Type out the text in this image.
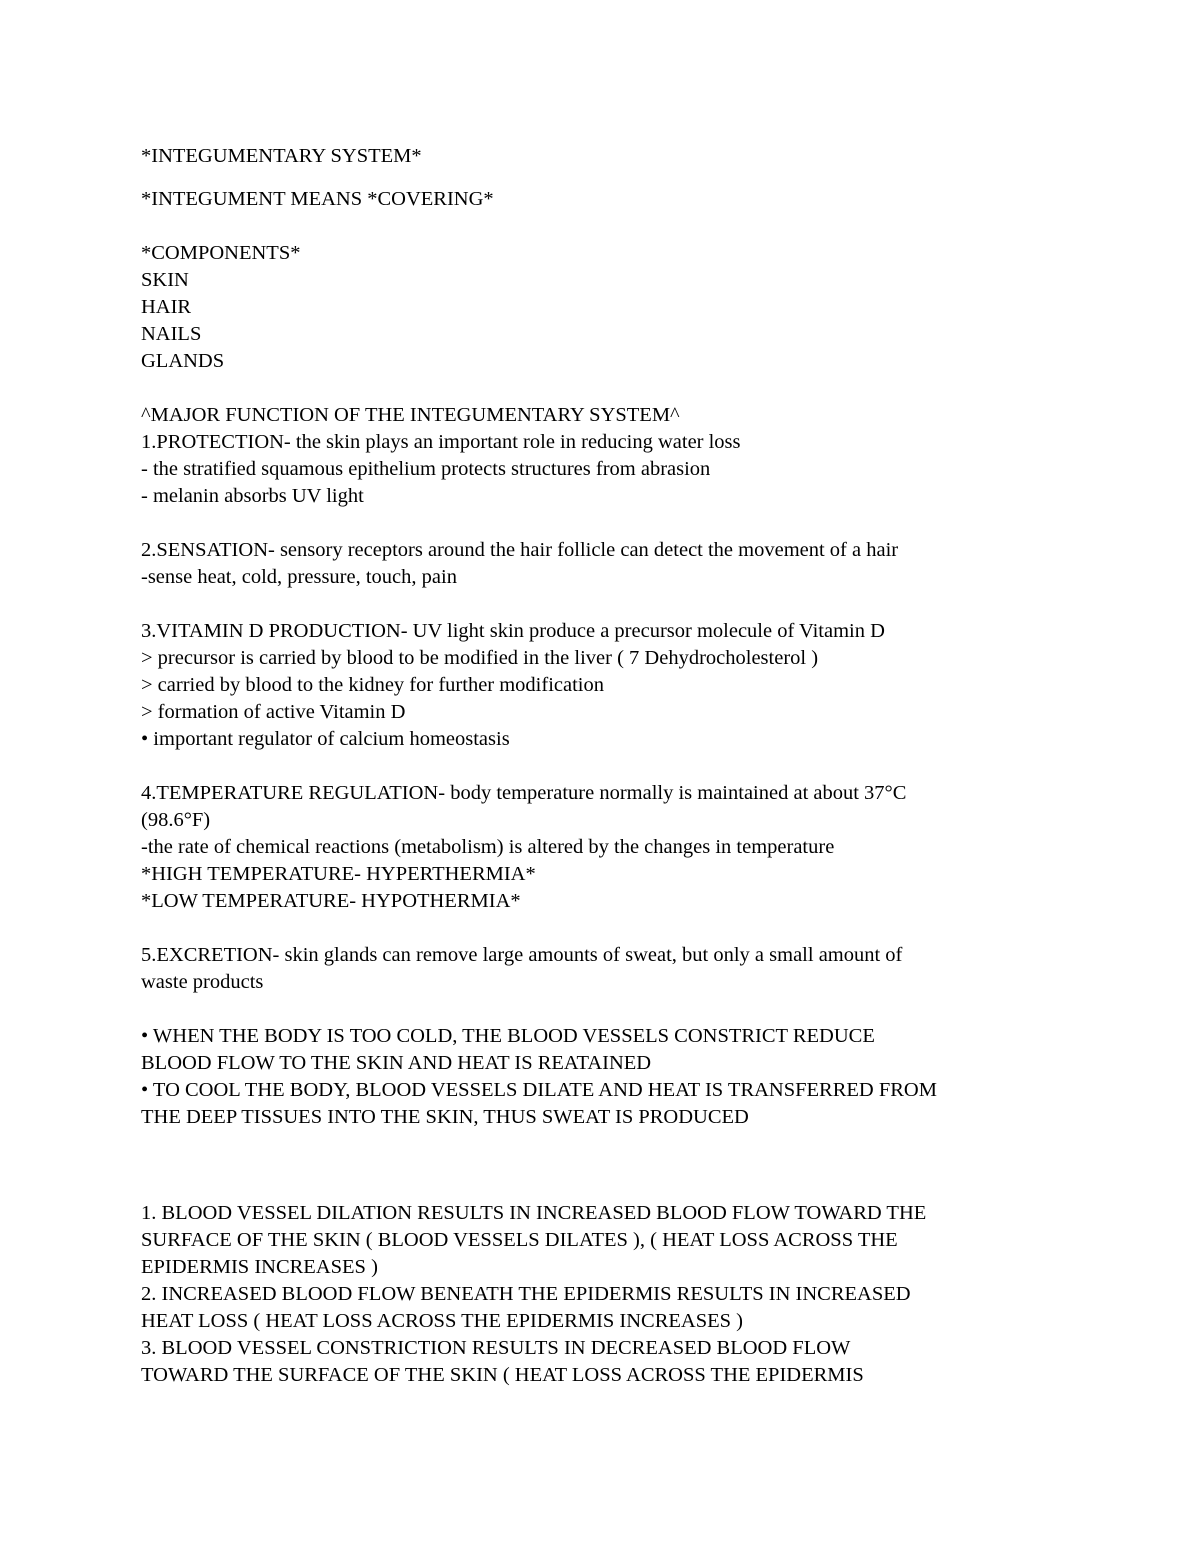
*INTEGUMENTARY SYSTEM*
*INTEGUMENT MEANS *COVERING*
*COMPONENTS*
SKIN
HAIR
NAILS
GLANDS
^MAJOR FUNCTION OF THE INTEGUMENTARY SYSTEM^
1.PROTECTION- the skin plays an important role in reducing water loss
- the stratified squamous epithelium protects structures from abrasion
- melanin absorbs UV light
2.SENSATION- sensory receptors around the hair follicle can detect the movement of a hair
-sense heat, cold, pressure, touch, pain
3.VITAMIN D PRODUCTION- UV light skin produce a precursor molecule of Vitamin D
> precursor is carried by blood to be modified in the liver ( 7 Dehydrocholesterol )
> carried by blood to the kidney for further modification
> formation of active Vitamin D
• important regulator of calcium homeostasis
4.TEMPERATURE REGULATION- body temperature normally is maintained at about 37°C
(98.6°F)
-the rate of chemical reactions (metabolism) is altered by the changes in temperature
*HIGH TEMPERATURE- HYPERTHERMIA*
*LOW TEMPERATURE- HYPOTHERMIA*
5.EXCRETION- skin glands can remove large amounts of sweat, but only a small amount of
waste products
• WHEN THE BODY IS TOO COLD, THE BLOOD VESSELS CONSTRICT REDUCE
BLOOD FLOW TO THE SKIN AND HEAT IS REATAINED
• TO COOL THE BODY, BLOOD VESSELS DILATE AND HEAT IS TRANSFERRED FROM
THE DEEP TISSUES INTO THE SKIN, THUS SWEAT IS PRODUCED
1. BLOOD VESSEL DILATION RESULTS IN INCREASED BLOOD FLOW TOWARD THE
SURFACE OF THE SKIN ( BLOOD VESSELS DILATES ), ( HEAT LOSS ACROSS THE
EPIDERMIS INCREASES )
2. INCREASED BLOOD FLOW BENEATH THE EPIDERMIS RESULTS IN INCREASED
HEAT LOSS ( HEAT LOSS ACROSS THE EPIDERMIS INCREASES )
3. BLOOD VESSEL CONSTRICTION RESULTS IN DECREASED BLOOD FLOW
TOWARD THE SURFACE OF THE SKIN ( HEAT LOSS ACROSS THE EPIDERMIS
